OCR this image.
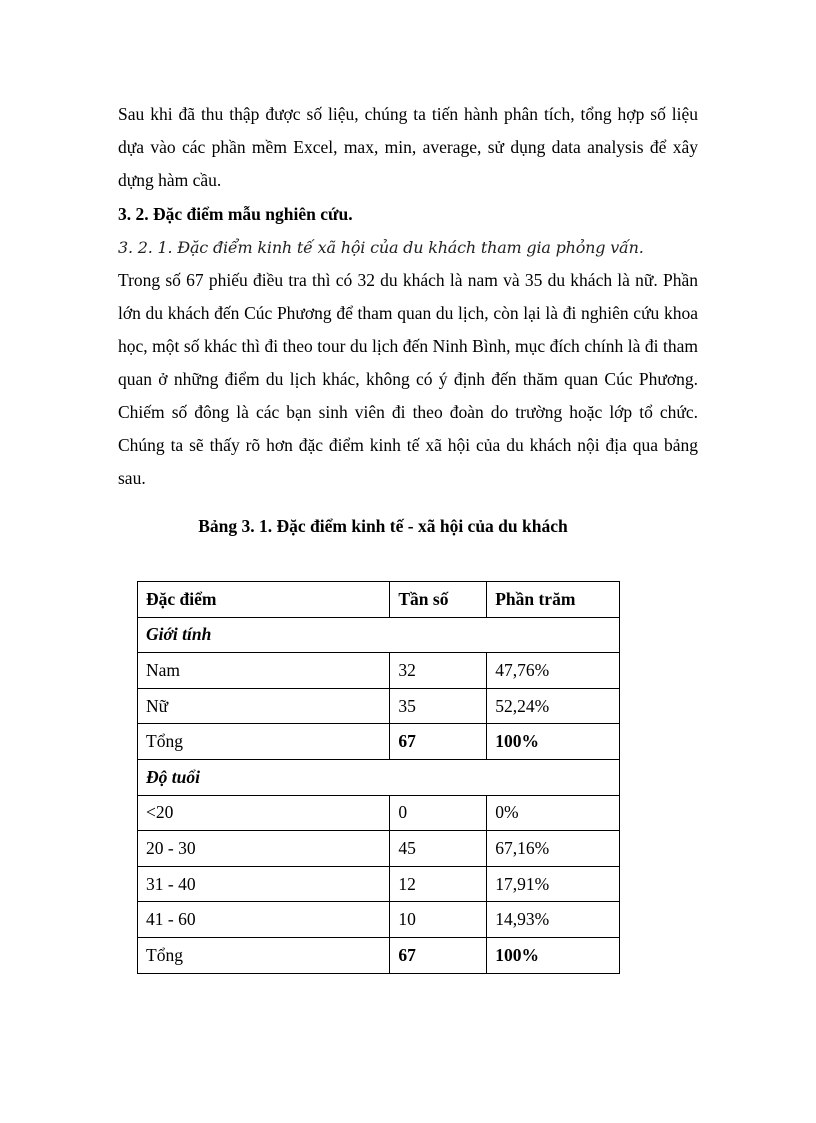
Sau khi đã thu thập được số liệu, chúng ta tiến hành phân tích, tổng hợp số liệu dựa vào các phần mềm Excel, max, min, average, sử dụng data analysis để xây dựng hàm cầu.

3. 2. Đặc điểm mẫu nghiên cứu.

3. 2. 1. Đặc điểm kinh tế xã hội của du khách tham gia phỏng vấn.

Trong số 67 phiếu điều tra thì có 32 du khách là nam và 35 du khách là nữ. Phần lớn du khách đến Cúc Phương để tham quan du lịch, còn lại là đi nghiên cứu khoa học, một số khác thì đi theo tour du lịch đến Ninh Bình, mục đích chính là đi tham quan ở những điểm du lịch khác, không có ý định đến thăm quan Cúc Phương. Chiếm số đông là các bạn sinh viên đi theo đoàn do trường hoặc lớp tổ chức. Chúng ta sẽ thấy rõ hơn đặc điểm kinh tế xã hội của du khách nội địa qua bảng sau.

Bảng 3. 1. Đặc điểm kinh tế - xã hội của du khách

Đặc điểm	Tần số	Phần trăm
Giới tính		
Nam	32	47,76%
Nữ	35	52,24%
Tổng	67	100%
Độ tuổi		
<20	0	0%
20 - 30	45	67,16%
31 - 40	12	17,91%
41 - 60	10	14,93%
Tổng	67	100%
